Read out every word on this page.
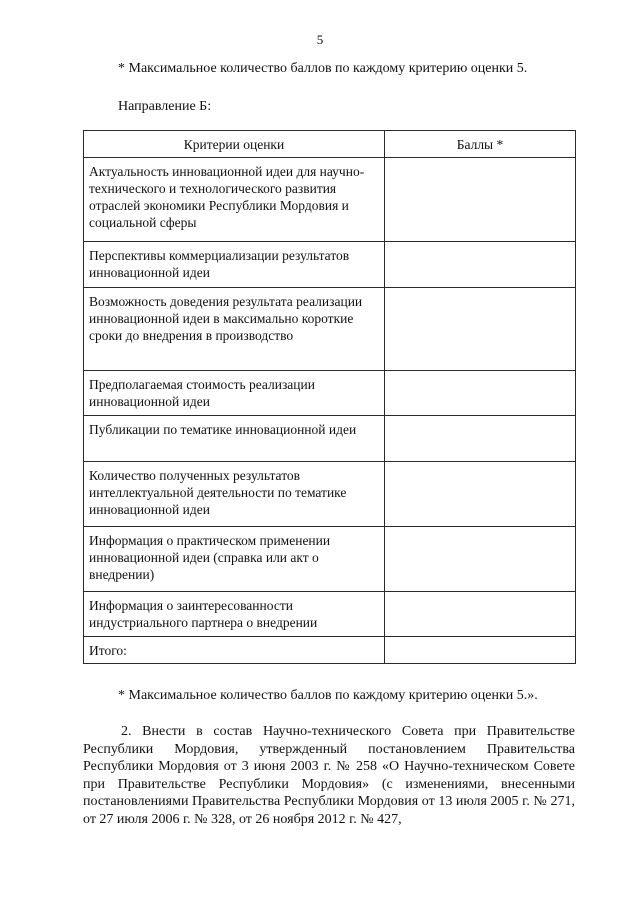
5
* Максимальное количество баллов по каждому критерию оценки 5.
Направление Б:
Критерии оценки	Баллы *
Актуальность инновационной идеи для научно-технического и технологического развития отраслей экономики Республики Мордовия и социальной сферы	
Перспективы коммерциализации результатов инновационной идеи	
Возможность доведения результата реализации инновационной идеи в максимально короткие сроки до внедрения в производство	
Предполагаемая стоимость реализации инновационной идеи	
Публикации по тематике инновационной идеи	
Количество полученных результатов интеллектуальной деятельности по тематике инновационной идеи	
Информация о практическом применении инновационной идеи (справка или акт о внедрении)	
Информация о заинтересованности индустриального партнера о внедрении	
Итого:	
* Максимальное количество баллов по каждому критерию оценки 5.».
2. Внести в состав Научно-технического Совета при Правительстве Республики Мордовия, утвержденный постановлением Правительства Республики Мордовия от 3 июня 2003 г. № 258 «О Научно-техническом Совете при Правительстве Республики Мордовия» (с изменениями, внесенными постановлениями Правительства Республики Мордовия от 13 июля 2005 г. № 271, от 27 июля 2006 г. № 328, от 26 ноября 2012 г. № 427,
